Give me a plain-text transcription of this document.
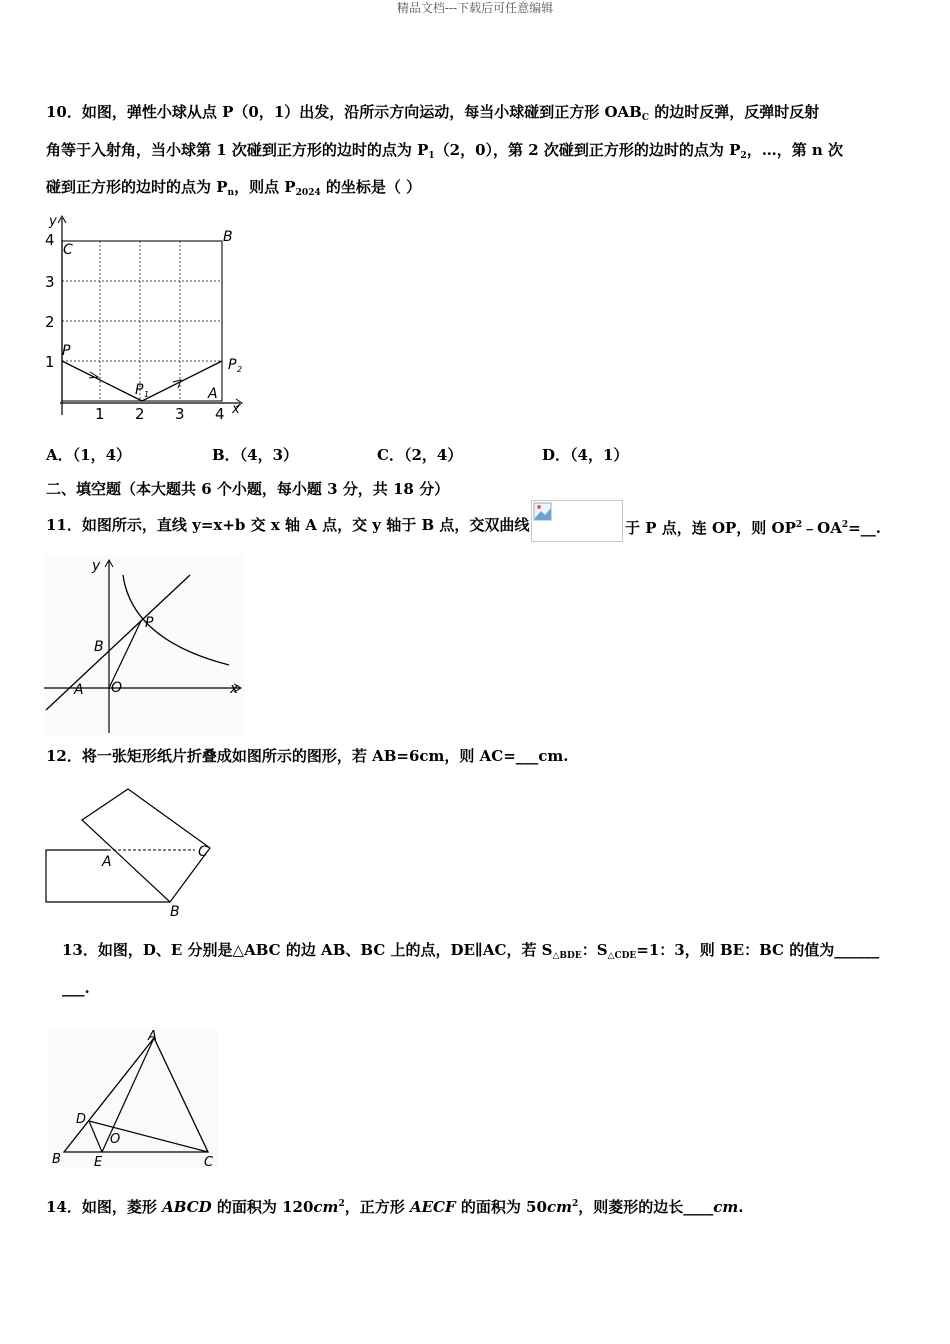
精品文档---下载后可任意编辑
10．如图，弹性小球从点 P（0，1）出发，沿所示方向运动，每当小球碰到正方形 $OAB_C$ 的边时反弹，反弹时反射
角等于入射角，当小球第 1 次碰到正方形的边时的点为 $P_1(2$，0），第 2 次碰到正方形的边时的点为 $P_2$，…，第 n 次
碰到正方形的边时的点为 $P_n$，则点 $P_{2024}$ 的坐标是（ ）
y
x
1 2 3 4
1
2
3
4
C
B
P
P 1
P 2
A
A．（1，4）	B．（4，3）	C．（2，4）	D．（4，1）
二、填空题（本大题共 6 个小题，每小题 3 分，共 18 分）
11．如图所示，直线 y=x+b 交 x 轴 A 点，交 y 轴于 B 点，交双曲线	于 P 点，连 OP，则 $OP^2﹣OA^2=\_\_$.
y
x
P
B
A O
12．将一张矩形纸片折叠成如图所示的图形，若 AB=6cm，则 AC=___cm.
A
B
C
13．如图，D、E 分别是△ABC 的边 AB、BC 上的点，DE∥AC，若 $S_{\triangle BDE}$：$S_{\triangle CDE}=1$：3，则 BE：BC 的值为______
___.
A
B	C
D
E
O
14．如图，菱形 ABCD 的面积为 $120cm^2$，正方形 AECF 的面积为 $50cm^2$，则菱形的边长____cm.
